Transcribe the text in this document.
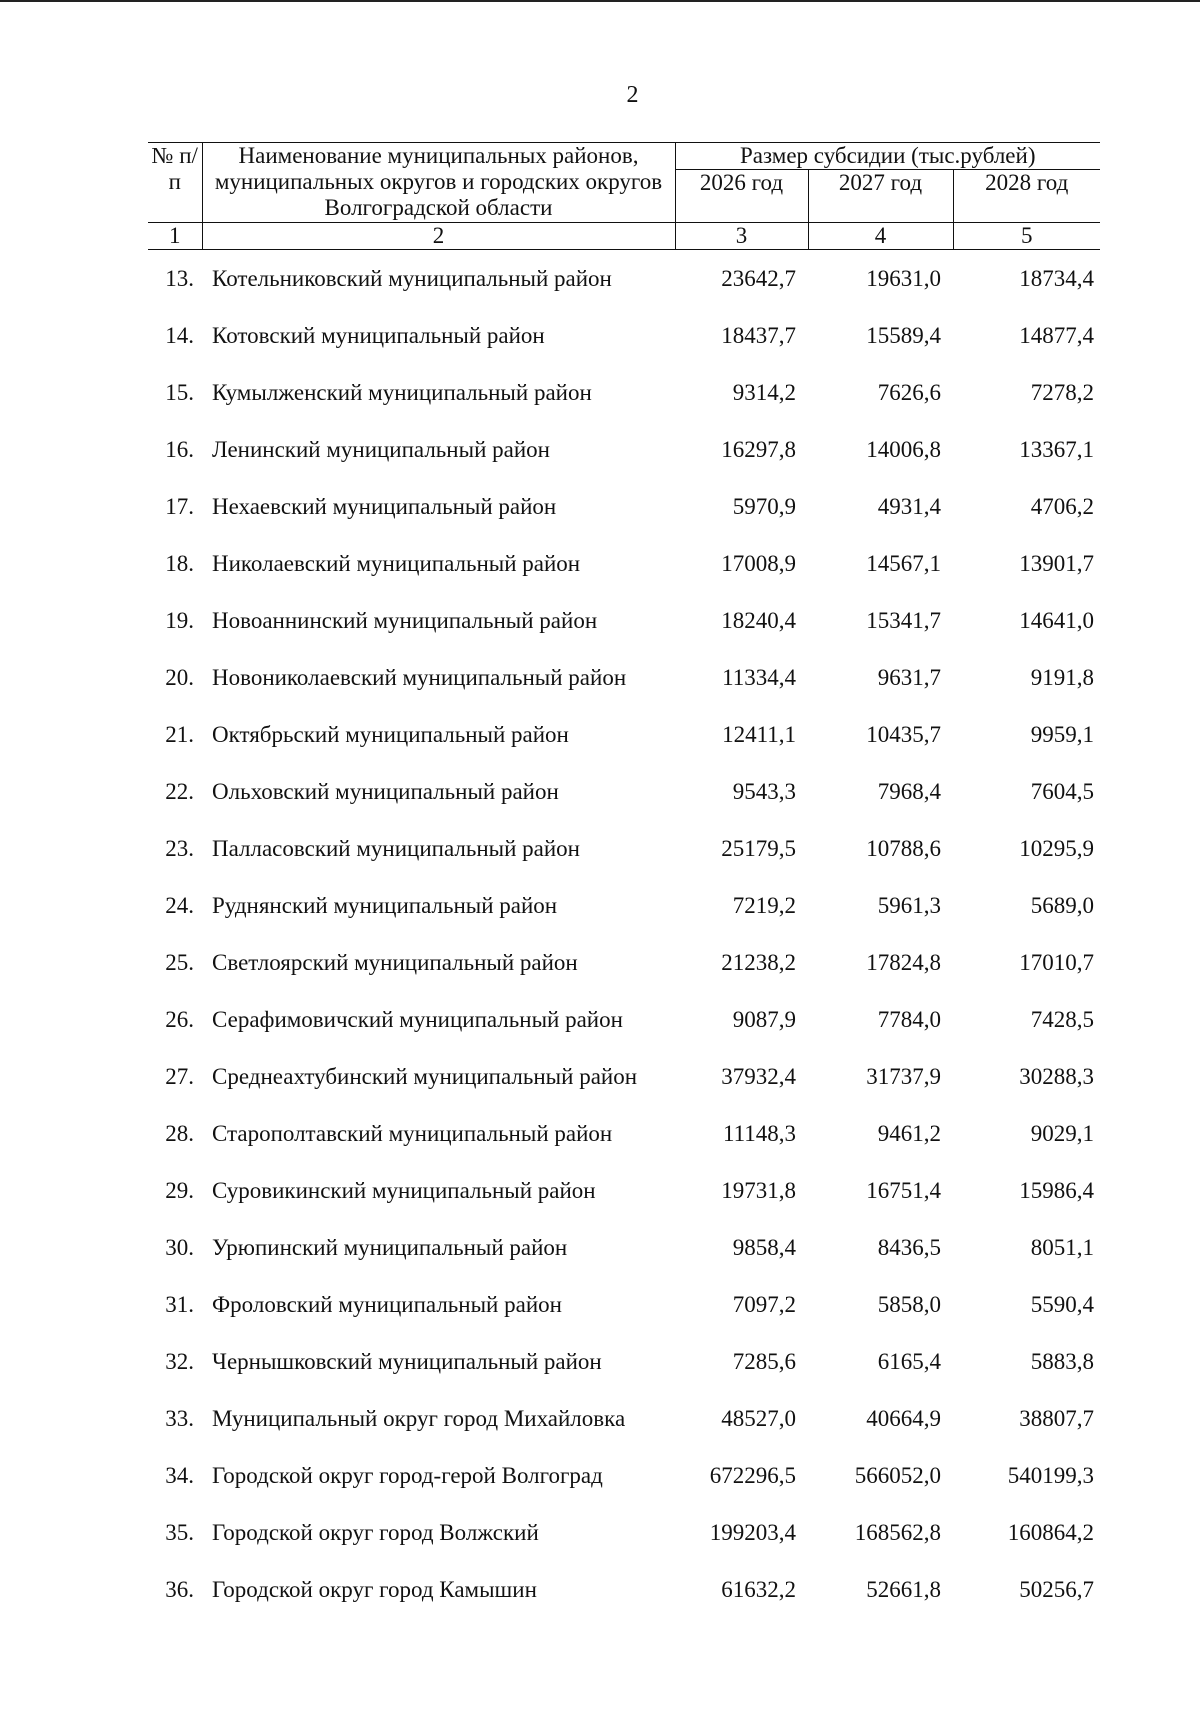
2
№ п/п	Наименование муниципальных районов, муниципальных округов и городских округов Волгоградской области	Размер субсидии (тыс.рублей)		
		2026 год	2027 год	2028 год
1	2	3	4	5
13.	Котельниковский муниципальный район	23642,7	19631,0	18734,4
14.	Котовский муниципальный район	18437,7	15589,4	14877,4
15.	Кумылженский муниципальный район	9314,2	7626,6	7278,2
16.	Ленинский муниципальный район	16297,8	14006,8	13367,1
17.	Нехаевский муниципальный район	5970,9	4931,4	4706,2
18.	Николаевский муниципальный район	17008,9	14567,1	13901,7
19.	Новоаннинский муниципальный район	18240,4	15341,7	14641,0
20.	Новониколаевский муниципальный район	11334,4	9631,7	9191,8
21.	Октябрьский муниципальный район	12411,1	10435,7	9959,1
22.	Ольховский муниципальный район	9543,3	7968,4	7604,5
23.	Палласовский муниципальный район	25179,5	10788,6	10295,9
24.	Руднянский муниципальный район	7219,2	5961,3	5689,0
25.	Светлоярский муниципальный район	21238,2	17824,8	17010,7
26.	Серафимовичский муниципальный район	9087,9	7784,0	7428,5
27.	Среднеахтубинский муниципальный район	37932,4	31737,9	30288,3
28.	Старополтавский муниципальный район	11148,3	9461,2	9029,1
29.	Суровикинский муниципальный район	19731,8	16751,4	15986,4
30.	Урюпинский муниципальный район	9858,4	8436,5	8051,1
31.	Фроловский муниципальный район	7097,2	5858,0	5590,4
32.	Чернышковский муниципальный район	7285,6	6165,4	5883,8
33.	Муниципальный округ город Михайловка	48527,0	40664,9	38807,7
34.	Городской округ город-герой Волгоград	672296,5	566052,0	540199,3
35.	Городской округ город Волжский	199203,4	168562,8	160864,2
36.	Городской округ город Камышин	61632,2	52661,8	50256,7
